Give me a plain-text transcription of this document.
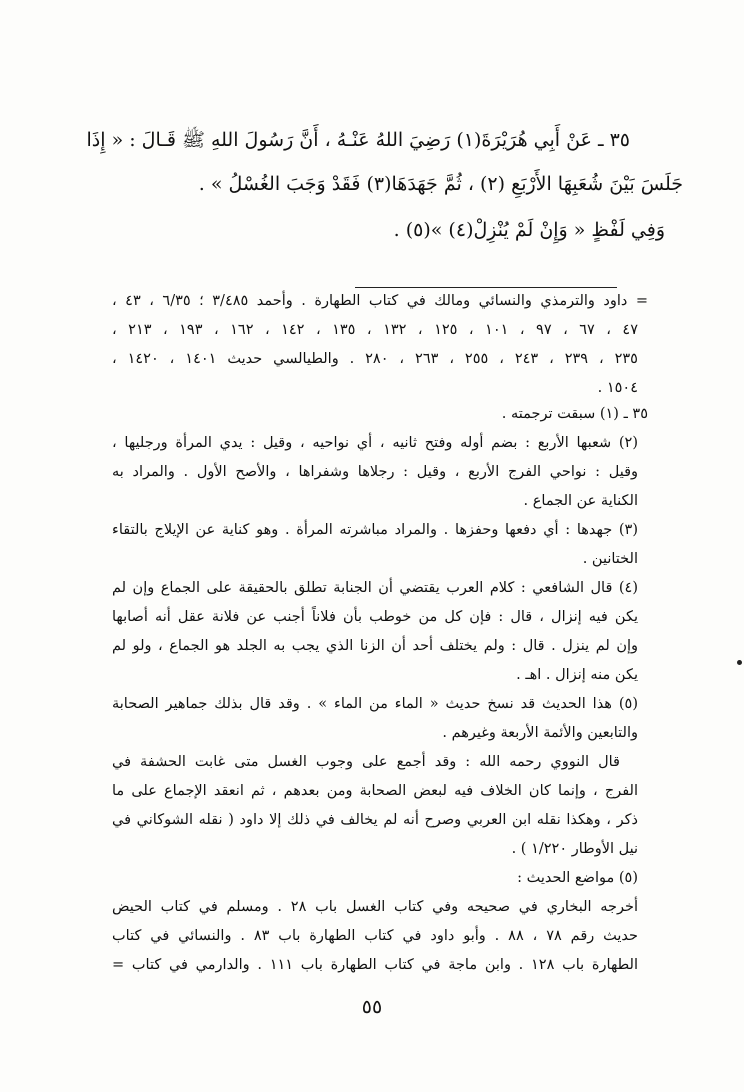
٣٥ ـ عَنْ أَبِي هُرَيْرَةَ(١) رَضِيَ اللهُ عَنْـهُ ، أَنَّ رَسُولَ اللهِ ﷺ قَـالَ : « إِذَا
جَلَسَ بَيْنَ شُعَبِهَا الأَرْبَعِ (٢) ، ثُمَّ جَهَدَهَا(٣) فَقَدْ وَجَبَ الغُسْلُ » .
وَفِي لَفْظٍ « وَإِنْ لَمْ يُنْزِلْ(٤) »(٥) .
= داود والترمذي والنسائي ومالك في كتاب الطهارة . وأحمد ٣/٤٨٥ ؛ ٦/٣٥ ، ٤٣ ،
٤٧ ، ٦٧ ، ٩٧ ، ١٠١ ، ١٢٥ ، ١٣٢ ، ١٣٥ ، ١٤٢ ، ١٦٢ ، ١٩٣ ، ٢١٣ ،
٢٣٥ ، ٢٣٩ ، ٢٤٣ ، ٢٥٥ ، ٢٦٣ ، ٢٨٠ . والطيالسي حديث ١٤٠١ ، ١٤٢٠ ،
١٥٠٤ .
٣٥ ـ (١) سبقت ترجمته .
(٢) شعبها الأربع : بضم أوله وفتح ثانيه ، أي نواحيه ، وقيل : يدي المرأة ورجليها ،
وقيل : نواحي الفرج الأربع ، وقيل : رجلاها وشفراها ، والأصح الأول . والمراد به
الكناية عن الجماع .
(٣) جهدها : أي دفعها وحفزها . والمراد مباشرته المرأة . وهو كناية عن الإيلاج بالتقاء
الختانين .
(٤) قال الشافعي : كلام العرب يقتضي أن الجنابة تطلق بالحقيقة على الجماع وإن لم
يكن فيه إنزال ، قال : فإن كل من خوطب بأن فلاناً أجنب عن فلانة عقل أنه أصابها
وإن لم ينزل . قال : ولم يختلف أحد أن الزنا الذي يجب به الجلد هو الجماع ، ولو لم
يكن منه إنزال . اهـ .
(٥) هذا الحديث قد نسخ حديث « الماء من الماء » . وقد قال بذلك جماهير الصحابة
والتابعين والأئمة الأربعة وغيرهم .
قال النووي رحمه الله : وقد أجمع على وجوب الغسل متى غابت الحشفة في
الفرج ، وإنما كان الخلاف فيه لبعض الصحابة ومن بعدهم ، ثم انعقد الإجماع على ما
ذكر ، وهكذا نقله ابن العربي وصرح أنه لم يخالف في ذلك إلا داود ( نقله الشوكاني في
نيل الأوطار ١/٢٢٠ ) .
(٥) مواضع الحديث :
أخرجه البخاري في صحيحه وفي كتاب الغسل باب ٢٨ . ومسلم في كتاب الحيض
حديث رقم ٧٨ ، ٨٨ . وأبو داود في كتاب الطهارة باب ٨٣ . والنسائي في كتاب
الطهارة باب ١٢٨ . وابن ماجة في كتاب الطهارة باب ١١١ . والدارمي في كتاب =
٥٥
